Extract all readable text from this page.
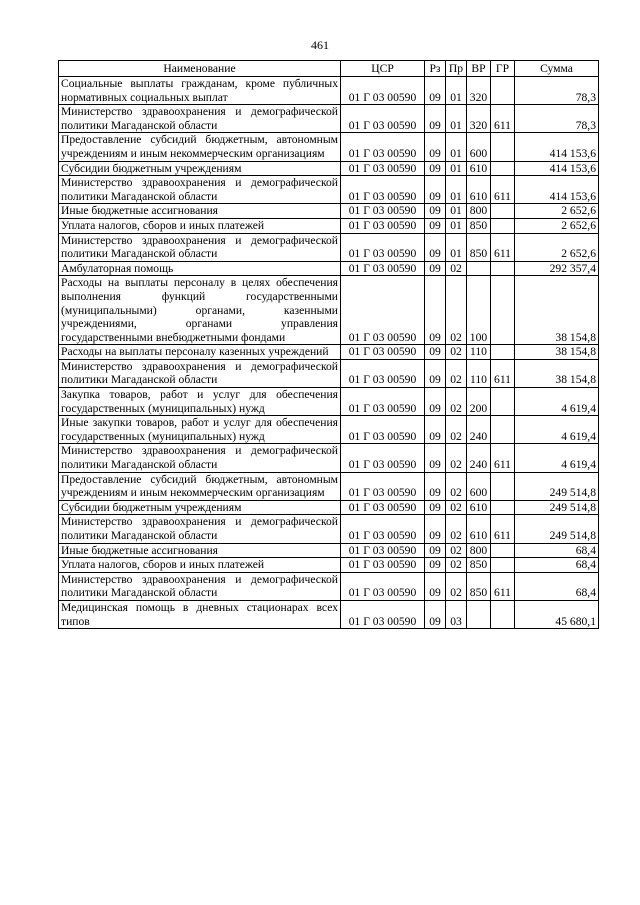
461
Наименование	ЦСР	Рз	Пр	ВР	ГР	Сумма
Социальные выплаты гражданам, кроме публичных нормативных социальных выплат	01 Г 03 00590	09	01	320		78,3
Министерство здравоохранения и демографической политики Магаданской области	01 Г 03 00590	09	01	320	611	78,3
Предоставление субсидий бюджетным, автономным учреждениям и иным некоммерческим организациям	01 Г 03 00590	09	01	600		414 153,6
Субсидии бюджетным учреждениям	01 Г 03 00590	09	01	610		414 153,6
Министерство здравоохранения и демографической политики Магаданской области	01 Г 03 00590	09	01	610	611	414 153,6
Иные бюджетные ассигнования	01 Г 03 00590	09	01	800		2 652,6
Уплата налогов, сборов и иных платежей	01 Г 03 00590	09	01	850		2 652,6
Министерство здравоохранения и демографической политики Магаданской области	01 Г 03 00590	09	01	850	611	2 652,6
Амбулаторная помощь	01 Г 03 00590	09	02			292 357,4
Расходы на выплаты персоналу в целях обеспечения выполнения функций государственными (муниципальными) органами, казенными учреждениями, органами управления государственными внебюджетными фондами	01 Г 03 00590	09	02	100		38 154,8
Расходы на выплаты персоналу казенных учреждений	01 Г 03 00590	09	02	110		38 154,8
Министерство здравоохранения и демографической политики Магаданской области	01 Г 03 00590	09	02	110	611	38 154,8
Закупка товаров, работ и услуг для обеспечения государственных (муниципальных) нужд	01 Г 03 00590	09	02	200		4 619,4
Иные закупки товаров, работ и услуг для обеспечения государственных (муниципальных) нужд	01 Г 03 00590	09	02	240		4 619,4
Министерство здравоохранения и демографической политики Магаданской области	01 Г 03 00590	09	02	240	611	4 619,4
Предоставление субсидий бюджетным, автономным учреждениям и иным некоммерческим организациям	01 Г 03 00590	09	02	600		249 514,8
Субсидии бюджетным учреждениям	01 Г 03 00590	09	02	610		249 514,8
Министерство здравоохранения и демографической политики Магаданской области	01 Г 03 00590	09	02	610	611	249 514,8
Иные бюджетные ассигнования	01 Г 03 00590	09	02	800		68,4
Уплата налогов, сборов и иных платежей	01 Г 03 00590	09	02	850		68,4
Министерство здравоохранения и демографической политики Магаданской области	01 Г 03 00590	09	02	850	611	68,4
Медицинская помощь в дневных стационарах всех типов	01 Г 03 00590	09	03			45 680,1
